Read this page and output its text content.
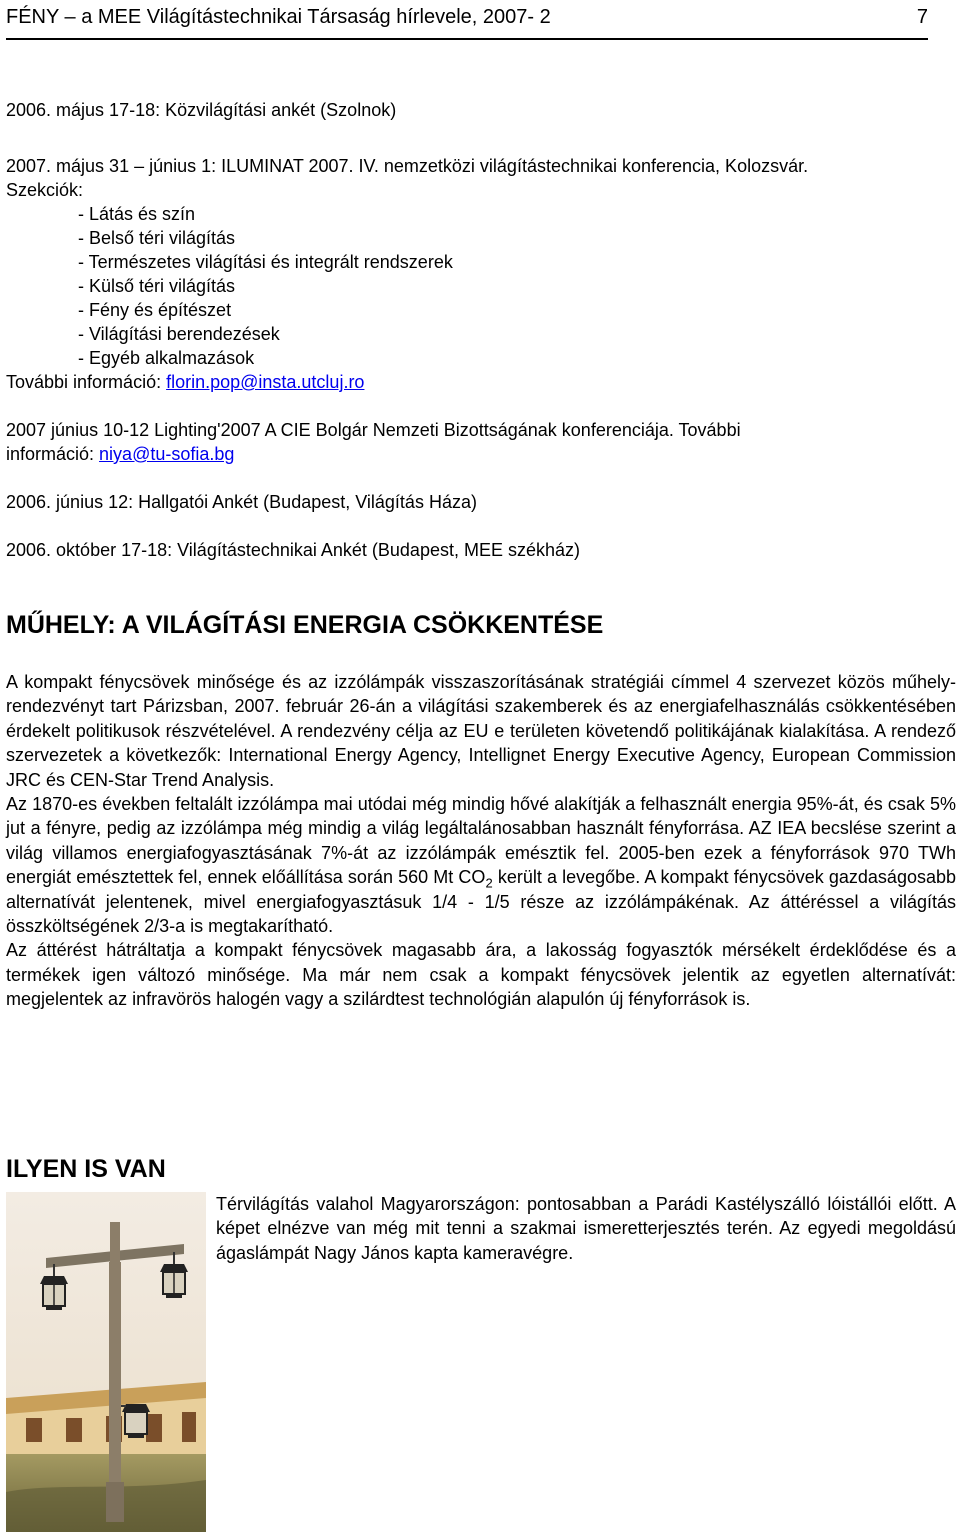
FÉNY – a MEE Világítástechnikai Társaság hírlevele, 2007- 2	7
2006. május 17-18: Közvilágítási ankét (Szolnok)
2007. május 31 – június 1: ILUMINAT 2007. IV. nemzetközi világítástechnikai konferencia, Kolozsvár.
Szekciók:
- Látás és szín
- Belső téri világítás
- Természetes világítási és integrált rendszerek
- Külső téri világítás
- Fény és építészet
- Világítási berendezések
- Egyéb alkalmazások
További információ: florin.pop@insta.utcluj.ro
2007 június 10-12 Lighting'2007 A CIE Bolgár Nemzeti Bizottságának konferenciája. További
információ: niya@tu-sofia.bg
2006. június 12: Hallgatói Ankét (Budapest, Világítás Háza)
2006. október 17-18: Világítástechnikai Ankét (Budapest, MEE székház)
MŰHELY: A VILÁGÍTÁSI ENERGIA CSÖKKENTÉSE

A kompakt fénycsövek minősége és az izzólámpák visszaszorításának stratégiái címmel 4 szervezet közös műhely-rendezvényt tart Párizsban, 2007. február 26-án a világítási szakemberek és az energiafelhasználás csökkentésében érdekelt politikusok részvételével. A rendezvény célja az EU e területen követendő politikájának kialakítása. A rendező szervezetek a következők: International Energy Agency, Intellignet Energy Executive Agency, European Commission JRC és CEN-Star Trend Analysis.

Az 1870-es években feltalált izzólámpa mai utódai még mindig hővé alakítják a felhasznált energia 95%-át, és csak 5% jut a fényre, pedig az izzólámpa még mindig a világ legáltalánosabban használt fényforrása. AZ IEA becslése szerint a világ villamos energiafogyasztásának 7%-át az izzólámpák emésztik fel. 2005-ben ezek a fényforrások 970 TWh energiát emésztettek fel, ennek előállítása során 560 Mt $CO_2$ került a levegőbe. A kompakt fénycsövek gazdaságosabb alternatívát jelentenek, mivel energiafogyasztásuk 1/4 - 1/5 része az izzólámpákénak. Az áttéréssel a világítás összköltségének 2/3-a is megtakarítható.

Az áttérést hátráltatja a kompakt fénycsövek magasabb ára, a lakosság fogyasztók mérsékelt érdeklődése és a termékek igen változó minősége. Ma már nem csak a kompakt fénycsövek jelentik az egyetlen alternatívát: megjelentek az infravörös halogén vagy a szilárdtest technológián alapulón új fényforrások is.

ILYEN IS VAN
Térvilágítás valahol Magyarországon: pontosabban a Parádi Kastélyszálló lóistállói előtt. A képet elnézve van még mit tenni a szakmai ismeretterjesztés terén. Az egyedi megoldású ágaslámpát Nagy János kapta kameravégre.
